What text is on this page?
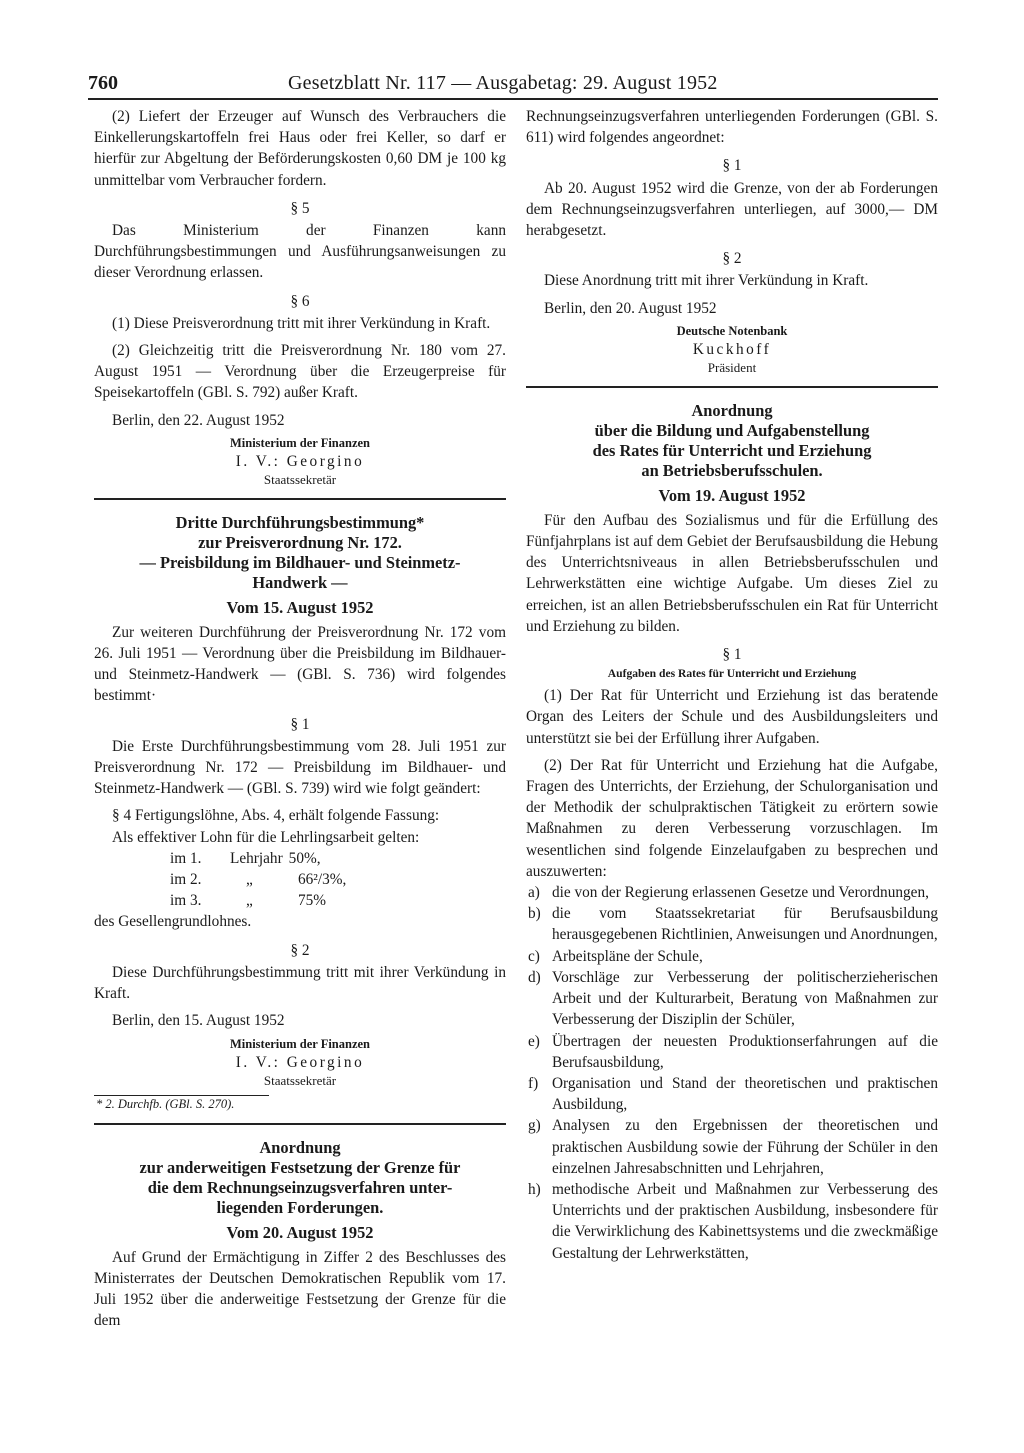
760	Gesetzblatt Nr. 117 — Ausgabetag: 29. August 1952

(2) Liefert der Erzeuger auf Wunsch des Verbrauchers die Einkellerungskartoffeln frei Haus oder frei Keller, so darf er hierfür zur Abgeltung der Beförderungskosten 0,60 DM je 100 kg unmittelbar vom Verbraucher fordern.

§ 5

Das Ministerium der Finanzen kann Durchführungsbestimmungen und Ausführungsanweisungen zu dieser Verordnung erlassen.

§ 6

(1) Diese Preisverordnung tritt mit ihrer Verkündung in Kraft.

(2) Gleichzeitig tritt die Preisverordnung Nr. 180 vom 27. August 1951 — Verordnung über die Erzeugerpreise für Speisekartoffeln (GBl. S. 792) außer Kraft.

Berlin, den 22. August 1952

Ministerium der Finanzen
I. V.: Georgino
Staatssekretär
Dritte Durchführungsbestimmung*
zur Preisverordnung Nr. 172.
— Preisbildung im Bildhauer- und Steinmetz-
Handwerk —
Vom 15. August 1952

Zur weiteren Durchführung der Preisverordnung Nr. 172 vom 26. Juli 1951 — Verordnung über die Preisbildung im Bildhauer- und Steinmetz-Handwerk — (GBl. S. 736) wird folgendes bestimmt·

§ 1

Die Erste Durchführungsbestimmung vom 28. Juli 1951 zur Preisverordnung Nr. 172 — Preisbildung im Bildhauer- und Steinmetz-Handwerk — (GBl. S. 739) wird wie folgt geändert:

§ 4 Fertigungslöhne, Abs. 4, erhält folgende Fassung:

Als effektiver Lohn für die Lehrlingsarbeit gelten:

im 1.	Lehrjahr 50%,
im 2.	„	66²/3%,
im 3.	„	75%

des Gesellengrundlohnes.

§ 2

Diese Durchführungsbestimmung tritt mit ihrer Verkündung in Kraft.

Berlin, den 15. August 1952

Ministerium der Finanzen
I. V.: Georgino
Staatssekretär
* 2. Durchfb. (GBl. S. 270).
Anordnung
zur anderweitigen Festsetzung der Grenze für
die dem Rechnungseinzugsverfahren unter-
liegenden Forderungen.
Vom 20. August 1952

Auf Grund der Ermächtigung in Ziffer 2 des Beschlusses des Ministerrates der Deutschen Demokratischen Republik vom 17. Juli 1952 über die anderweitige Festsetzung der Grenze für die dem

Rechnungseinzugsverfahren unterliegenden Forderungen (GBl. S. 611) wird folgendes angeordnet:

§ 1

Ab 20. August 1952 wird die Grenze, von der ab Forderungen dem Rechnungseinzugsverfahren unterliegen, auf 3000,— DM herabgesetzt.

§ 2

Diese Anordnung tritt mit ihrer Verkündung in Kraft.

Berlin, den 20. August 1952

Deutsche Notenbank
Kuckhoff
Präsident
Anordnung
über die Bildung und Aufgabenstellung
des Rates für Unterricht und Erziehung
an Betriebsberufsschulen.
Vom 19. August 1952

Für den Aufbau des Sozialismus und für die Erfüllung des Fünfjahrplans ist auf dem Gebiet der Berufsausbildung die Hebung des Unterrichtsniveaus in allen Betriebsberufsschulen und Lehrwerkstätten eine wichtige Aufgabe. Um dieses Ziel zu erreichen, ist an allen Betriebsberufsschulen ein Rat für Unterricht und Erziehung zu bilden.

§ 1
Aufgaben des Rates für Unterricht und Erziehung

(1) Der Rat für Unterricht und Erziehung ist das beratende Organ des Leiters der Schule und des Ausbildungsleiters und unterstützt sie bei der Erfüllung ihrer Aufgaben.

(2) Der Rat für Unterricht und Erziehung hat die Aufgabe, Fragen des Unterrichts, der Erziehung, der Schulorganisation und der Methodik der schulpraktischen Tätigkeit zu erörtern sowie Maßnahmen zu deren Verbesserung vorzuschlagen. Im wesentlichen sind folgende Einzelaufgaben zu besprechen und auszuwerten:

a) die von der Regierung erlassenen Gesetze und Verordnungen,
b) die vom Staatssekretariat für Berufsausbildung herausgegebenen Richtlinien, Anweisungen und Anordnungen,
c) Arbeitspläne der Schule,
d) Vorschläge zur Verbesserung der politischerzieherischen Arbeit und der Kulturarbeit, Beratung von Maßnahmen zur Verbesserung der Disziplin der Schüler,
e) Übertragen der neuesten Produktionserfahrungen auf die Berufsausbildung,
f) Organisation und Stand der theoretischen und praktischen Ausbildung,
g) Analysen zu den Ergebnissen der theoretischen und praktischen Ausbildung sowie der Führung der Schüler in den einzelnen Jahresabschnitten und Lehrjahren,
h) methodische Arbeit und Maßnahmen zur Verbesserung des Unterrichts und der praktischen Ausbildung, insbesondere für die Verwirklichung des Kabinettsystems und die zweckmäßige Gestaltung der Lehrwerkstätten,
